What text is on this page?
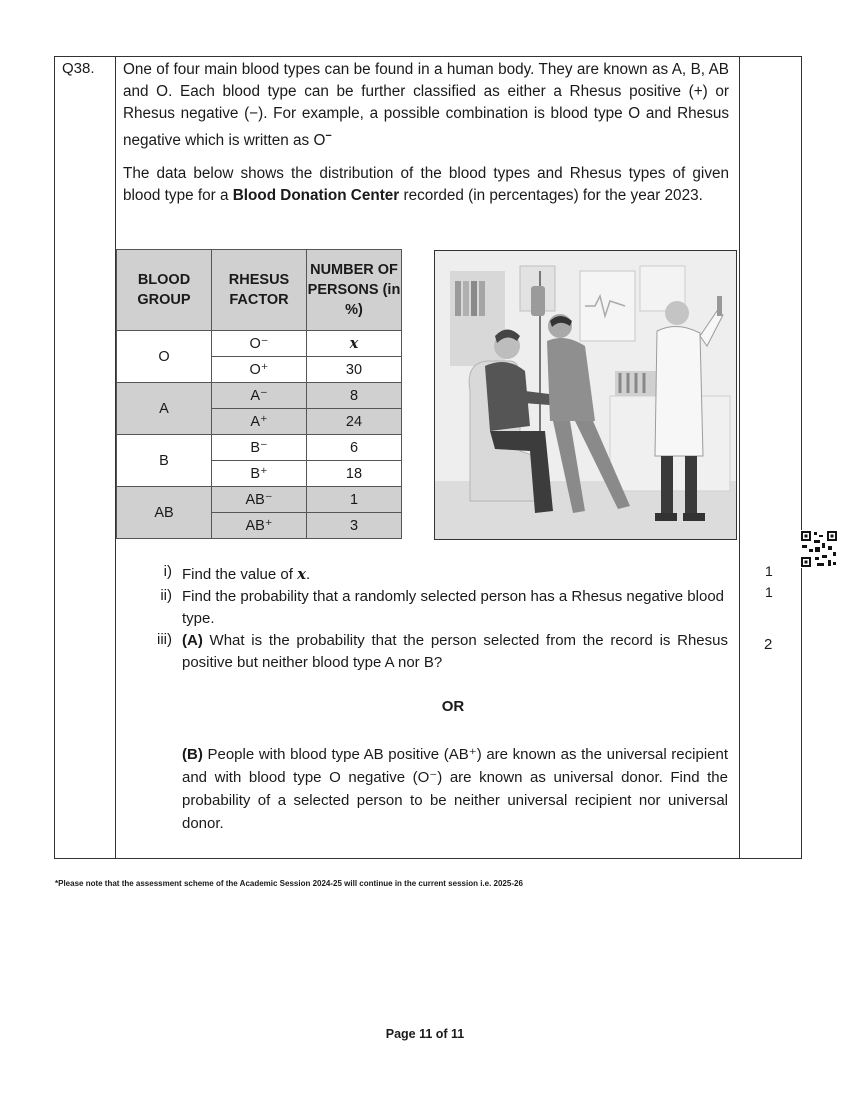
Q38. One of four main blood types can be found in a human body. They are known as A, B, AB and O. Each blood type can be further classified as either a Rhesus positive (+) or Rhesus negative (−). For example, a possible combination is blood type O and Rhesus negative which is written as O−

The data below shows the distribution of the blood types and Rhesus types of given blood type for a Blood Donation Center recorded (in percentages) for the year 2023.

BLOOD GROUP	RHESUS FACTOR	NUMBER OF PERSONS (in %)
O	O⁻	x
	O⁺	30
A	A⁻	8
	A⁺	24
B	B⁻	6
	B⁺	18
AB	AB⁻	1
	AB⁺	3
i) Find the value of x.
ii) Find the probability that a randomly selected person has a Rhesus negative blood type.
iii) (A) What is the probability that the person selected from the record is Rhesus positive but neither blood type A nor B?
OR
(B) People with blood type AB positive (AB⁺) are known as the universal recipient and with blood type O negative (O⁻) are known as universal donor. Find the probability of a selected person to be neither universal recipient nor universal donor.
1
1
2
*Please note that the assessment scheme of the Academic Session 2024-25 will continue in the current session i.e. 2025-26
Page 11 of 11
